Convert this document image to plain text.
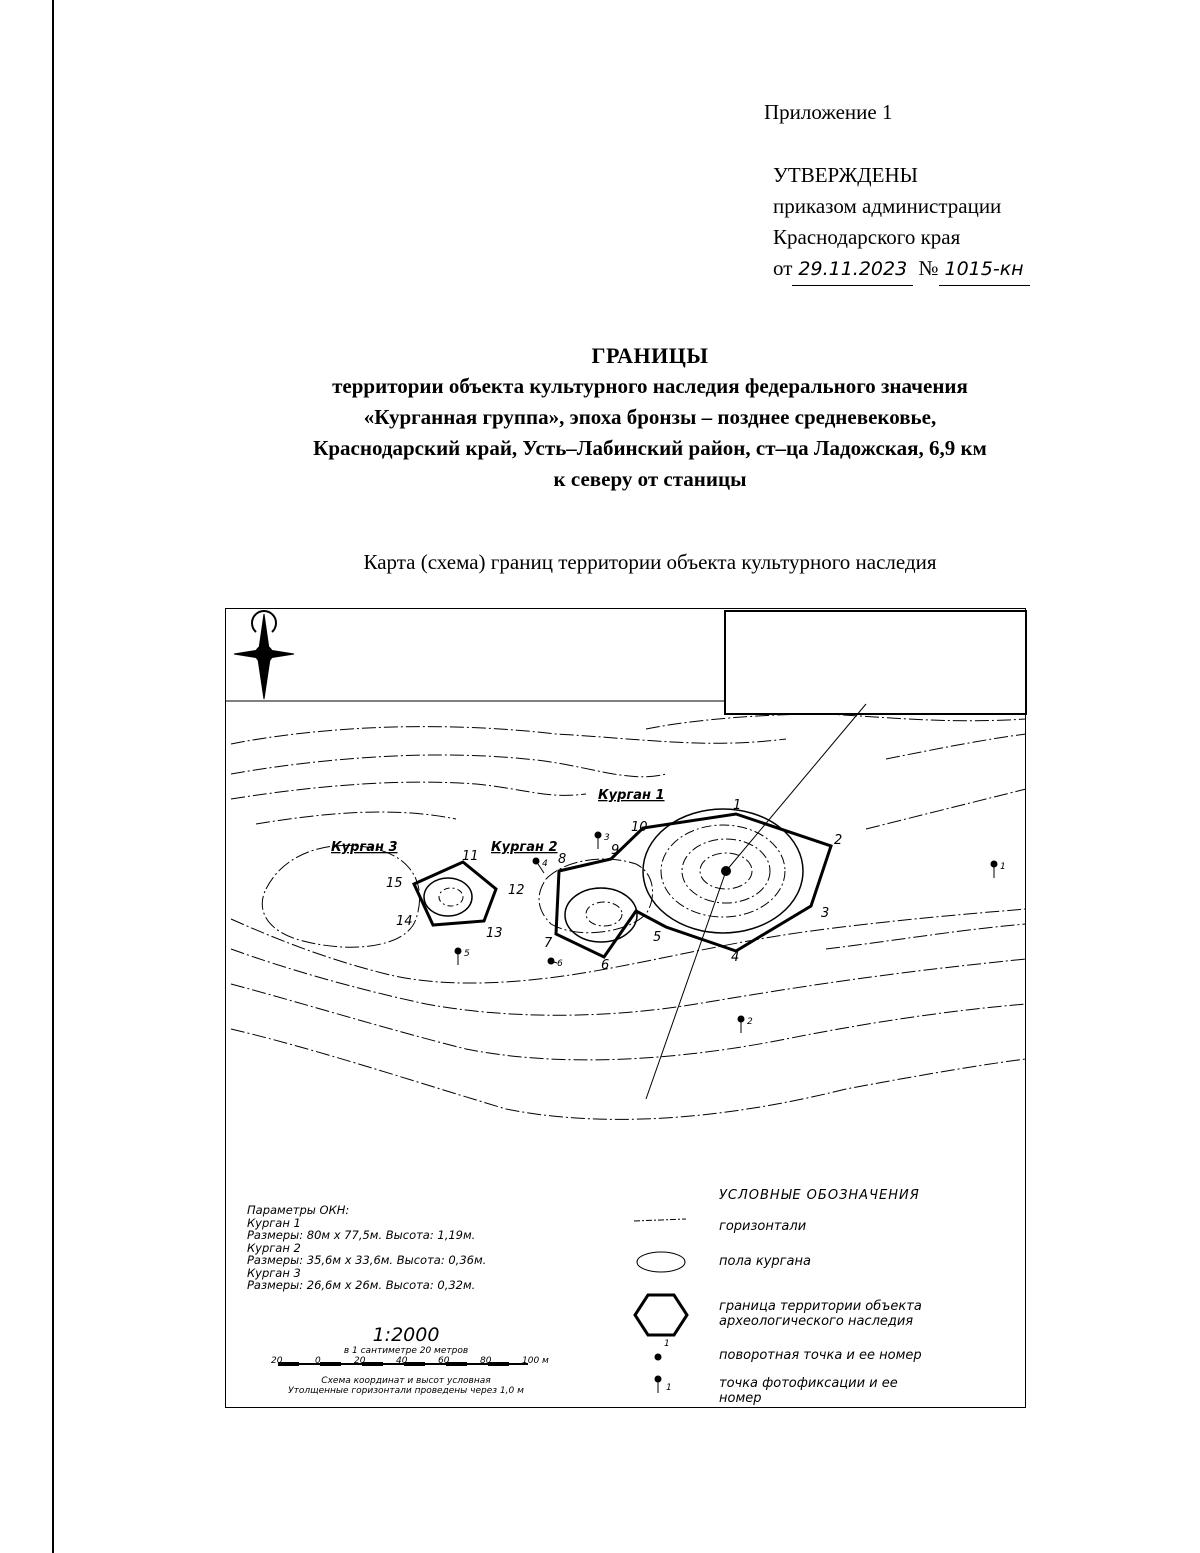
Приложение 1
УТВЕРЖДЕНЫ
приказом администрации
Краснодарского края
от 29.11.2023 № 1015-кн
ГРАНИЦЫ
территории объекта культурного наследия федерального значения
«Курганная группа», эпоха бронзы – позднее средневековье,
Краснодарский край, Усть–Лабинский район, ст–ца Ладожская, 6,9 км
к северу от станицы
Карта (схема) границ территории объекта культурного наследия
Курган 1
Курган 2
Курган 3
1
2
3
4
5
6
7
8
9
10
11
12
13
14
15
1
2
3
4
5
6
1
1
Параметры ОКН:
Курган 1
Размеры: 80м x 77,5м. Высота: 1,19м.
Курган 2
Размеры: 35,6м x 33,6м. Высота: 0,36м.
Курган 3
Размеры: 26,6м x 26м. Высота: 0,32м.
1:2000
в 1 сантиметре 20 метров
20	0	20	40	60	80	100 м
Схема координат и высот условная
Утолщенные горизонтали проведены через 1,0 м
УСЛОВНЫЕ ОБОЗНАЧЕНИЯ
горизонтали
пола кургана
граница территории объекта
археологического наследия
поворотная точка и ее номер
точка фотофиксации и ее
номер
